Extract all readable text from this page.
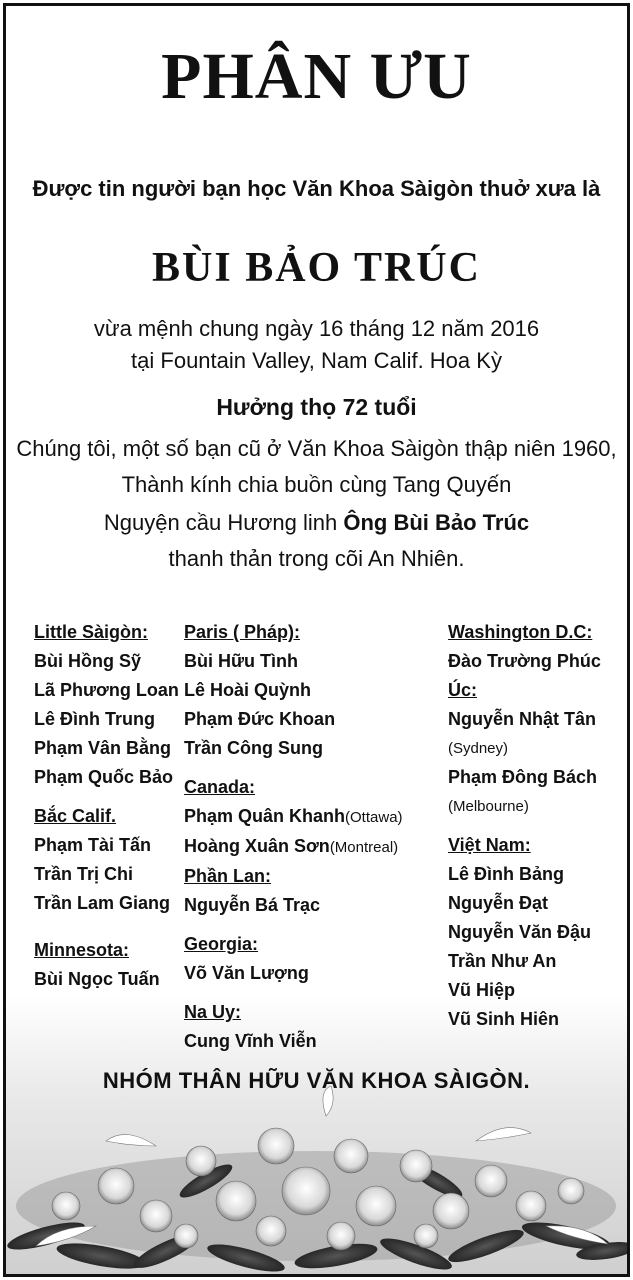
PHÂN ƯU
Được tin người bạn học Văn Khoa Sàigòn thuở xưa là
BÙI BẢO TRÚC
vừa mệnh chung ngày 16 tháng 12 năm 2016
tại Fountain Valley, Nam Calif. Hoa Kỳ
Hưởng thọ 72 tuổi
Chúng tôi, một số bạn cũ ở Văn Khoa Sàigòn thập niên 1960,
Thành kính chia buồn cùng Tang Quyến
Nguyện cầu Hương linh Ông Bùi Bảo Trúc
thanh thản trong cõi An Nhiên.
Little Sàigòn:
Bùi Hồng Sỹ
Lã Phương Loan
Lê Đình Trung
Phạm Vân Bằng
Phạm Quốc Bảo
Bắc Calif.
Phạm Tài Tấn
Trần Trị Chi
Trần Lam Giang
Minnesota:
Bùi Ngọc Tuấn
Paris ( Pháp):
Bùi Hữu Tình
Lê Hoài Quỳnh
Phạm Đức Khoan
Trần Công Sung
Canada:
Phạm Quân Khanh(Ottawa)
Hoàng Xuân Sơn(Montreal)
Phần Lan:
Nguyễn Bá Trạc
Georgia:
Võ Văn Lượng
Na Uy:
Cung Vĩnh Viễn
Washington D.C:
Đào Trường Phúc
Úc:
Nguyễn Nhật Tân
(Sydney)
Phạm Đông Bách
(Melbourne)
Việt Nam:
Lê Đình Bảng
Nguyễn Đạt
Nguyễn Văn Đậu
Trần Như An
Vũ Hiệp
Vũ Sinh Hiên
NHÓM THÂN HỮU VĂN KHOA SÀIGÒN.
